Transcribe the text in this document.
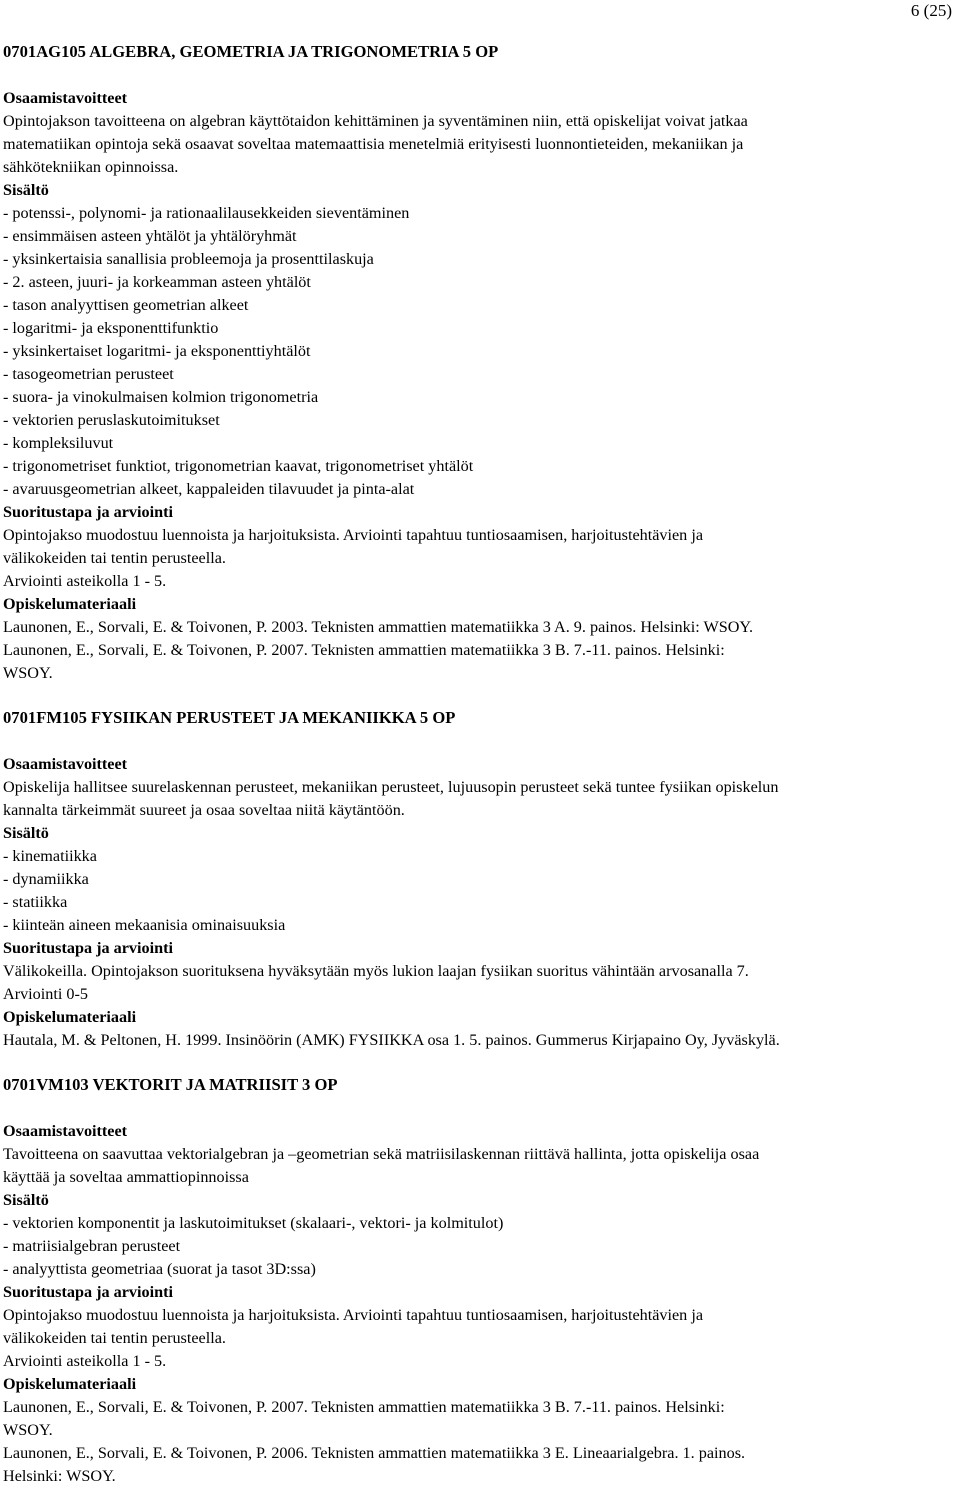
6 (25)
0701AG105 ALGEBRA, GEOMETRIA JA TRIGONOMETRIA 5 OP
Osaamistavoitteet
Opintojakson tavoitteena on algebran käyttötaidon kehittäminen ja syventäminen niin, että opiskelijat voivat jatkaa
matematiikan opintoja sekä osaavat soveltaa matemaattisia menetelmiä erityisesti luonnontieteiden, mekaniikan ja
sähkötekniikan opinnoissa.
Sisältö
- potenssi-, polynomi- ja rationaalilausekkeiden sieventäminen
- ensimmäisen asteen yhtälöt ja yhtälöryhmät
- yksinkertaisia sanallisia probleemoja ja prosenttilaskuja
- 2. asteen, juuri- ja korkeamman asteen yhtälöt
- tason analyyttisen geometrian alkeet
- logaritmi- ja eksponenttifunktio
- yksinkertaiset logaritmi- ja eksponenttiyhtälöt
- tasogeometrian perusteet
- suora- ja vinokulmaisen kolmion trigonometria
- vektorien peruslaskutoimitukset
- kompleksiluvut
- trigonometriset funktiot, trigonometrian kaavat, trigonometriset yhtälöt
- avaruusgeometrian alkeet, kappaleiden tilavuudet ja pinta-alat
Suoritustapa ja arviointi
Opintojakso muodostuu luennoista ja harjoituksista. Arviointi tapahtuu tuntiosaamisen, harjoitustehtävien ja
välikokeiden tai tentin perusteella.
Arviointi asteikolla 1 - 5.
Opiskelumateriaali
Launonen, E., Sorvali, E. & Toivonen, P. 2003. Teknisten ammattien matematiikka 3 A. 9. painos. Helsinki: WSOY.
Launonen, E., Sorvali, E. & Toivonen, P. 2007. Teknisten ammattien matematiikka 3 B. 7.-11. painos. Helsinki:
WSOY.
0701FM105 FYSIIKAN PERUSTEET JA MEKANIIKKA 5 OP
Osaamistavoitteet
Opiskelija hallitsee suurelaskennan perusteet, mekaniikan perusteet, lujuusopin perusteet sekä tuntee fysiikan opiskelun
kannalta tärkeimmät suureet ja osaa soveltaa niitä käytäntöön.
Sisältö
- kinematiikka
- dynamiikka
- statiikka
- kiinteän aineen mekaanisia ominaisuuksia
Suoritustapa ja arviointi
Välikokeilla. Opintojakson suorituksena hyväksytään myös lukion laajan fysiikan suoritus vähintään arvosanalla 7.
Arviointi 0-5
Opiskelumateriaali
Hautala, M. & Peltonen, H. 1999. Insinöörin (AMK) FYSIIKKA osa 1. 5. painos. Gummerus Kirjapaino Oy, Jyväskylä.
0701VM103 VEKTORIT JA MATRIISIT 3 OP
Osaamistavoitteet
Tavoitteena on saavuttaa vektorialgebran ja –geometrian sekä matriisilaskennan riittävä hallinta, jotta opiskelija osaa
käyttää ja soveltaa ammattiopinnoissa
Sisältö
- vektorien komponentit ja laskutoimitukset (skalaari-, vektori- ja kolmitulot)
- matriisialgebran perusteet
- analyyttista geometriaa (suorat ja tasot 3D:ssa)
Suoritustapa ja arviointi
Opintojakso muodostuu luennoista ja harjoituksista. Arviointi tapahtuu tuntiosaamisen, harjoitustehtävien ja
välikokeiden tai tentin perusteella.
Arviointi asteikolla 1 - 5.
Opiskelumateriaali
Launonen, E., Sorvali, E. & Toivonen, P. 2007. Teknisten ammattien matematiikka 3 B. 7.-11. painos. Helsinki:
WSOY.
Launonen, E., Sorvali, E. & Toivonen, P. 2006. Teknisten ammattien matematiikka 3 E. Lineaarialgebra. 1. painos.
Helsinki: WSOY.
